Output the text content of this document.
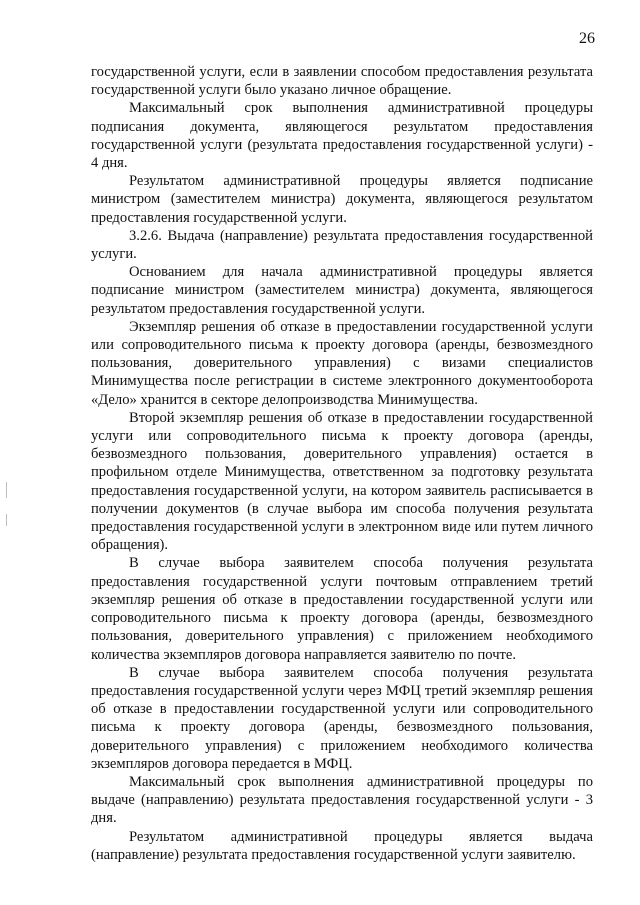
26

государственной услуги, если в заявлении способом предоставления результата государственной услуги было указано личное обращение.

Максимальный срок выполнения административной процедуры подписания документа, являющегося результатом предоставления государственной услуги (результата предоставления государственной услуги) - 4 дня.

Результатом административной процедуры является подписание министром (заместителем министра) документа, являющегося результатом предоставления государственной услуги.

3.2.6. Выдача (направление) результата предоставления государственной услуги.

Основанием для начала административной процедуры является подписание министром (заместителем министра) документа, являющегося результатом предоставления государственной услуги.

Экземпляр решения об отказе в предоставлении государственной услуги или сопроводительного письма к проекту договора (аренды, безвозмездного пользования, доверительного управления) с визами специалистов Минимущества после регистрации в системе электронного документооборота «Дело» хранится в секторе делопроизводства Минимущества.

Второй экземпляр решения об отказе в предоставлении государственной услуги или сопроводительного письма к проекту договора (аренды, безвозмездного пользования, доверительного управления) остается в профильном отделе Минимущества, ответственном за подготовку результата предоставления государственной услуги, на котором заявитель расписывается в получении документов (в случае выбора им способа получения результата предоставления государственной услуги в электронном виде или путем личного обращения).

В случае выбора заявителем способа получения результата предоставления государственной услуги почтовым отправлением третий экземпляр решения об отказе в предоставлении государственной услуги или сопроводительного письма к проекту договора (аренды, безвозмездного пользования, доверительного управления) с приложением необходимого количества экземпляров договора направляется заявителю по почте.

В случае выбора заявителем способа получения результата предоставления государственной услуги через МФЦ третий экземпляр решения об отказе в предоставлении государственной услуги или сопроводительного письма к проекту договора (аренды, безвозмездного пользования, доверительного управления) с приложением необходимого количества экземпляров договора передается в МФЦ.

Максимальный срок выполнения административной процедуры по выдаче (направлению) результата предоставления государственной услуги - 3 дня.

Результатом административной процедуры является выдача (направление) результата предоставления государственной услуги заявителю.
